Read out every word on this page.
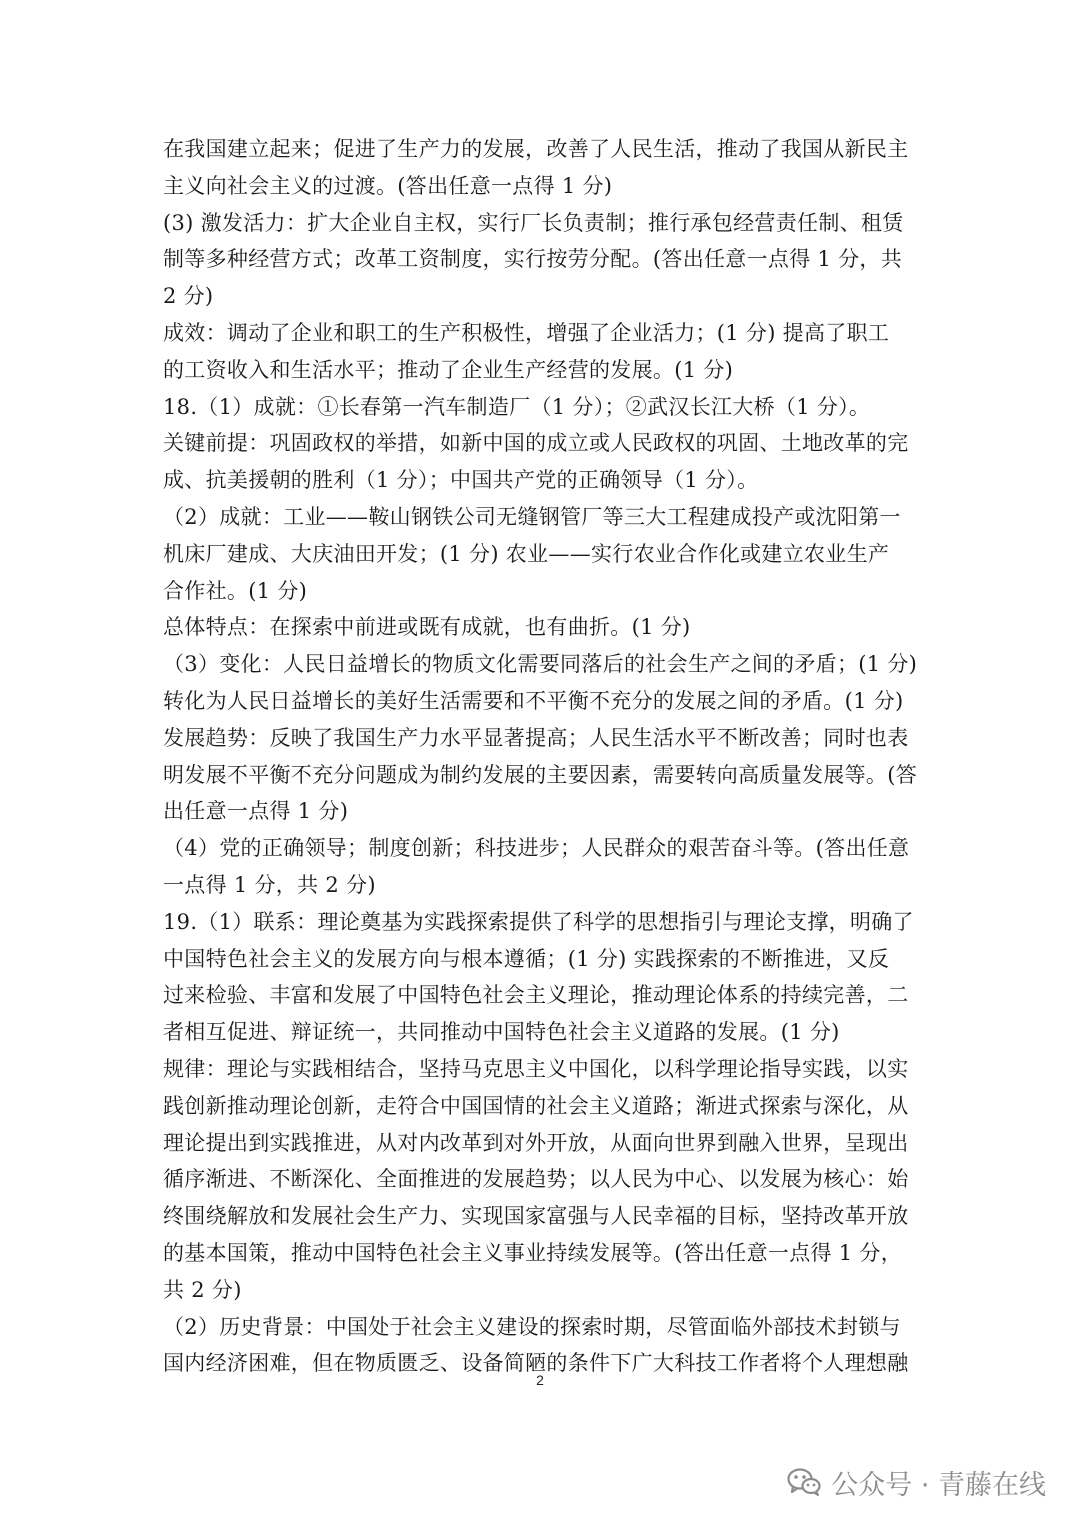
在我国建立起来；促进了生产力的发展，改善了人民生活，推动了我国从新民主
主义向社会主义的过渡。(答出任意一点得 1 分)
(3) 激发活力：扩大企业自主权，实行厂长负责制；推行承包经营责任制、租赁
制等多种经营方式；改革工资制度，实行按劳分配。(答出任意一点得 1 分，共
2 分)
成效：调动了企业和职工的生产积极性，增强了企业活力；(1 分) 提高了职工
的工资收入和生活水平；推动了企业生产经营的发展。(1 分)
18.（1）成就：①长春第一汽车制造厂（1 分）；②武汉长江大桥（1 分）。
关键前提：巩固政权的举措，如新中国的成立或人民政权的巩固、土地改革的完
成、抗美援朝的胜利（1 分）；中国共产党的正确领导（1 分）。
（2）成就：工业——鞍山钢铁公司无缝钢管厂等三大工程建成投产或沈阳第一
机床厂建成、大庆油田开发；(1 分) 农业——实行农业合作化或建立农业生产
合作社。(1 分)
总体特点：在探索中前进或既有成就，也有曲折。(1 分)
（3）变化：人民日益增长的物质文化需要同落后的社会生产之间的矛盾；(1 分)
转化为人民日益增长的美好生活需要和不平衡不充分的发展之间的矛盾。(1 分)
发展趋势：反映了我国生产力水平显著提高；人民生活水平不断改善；同时也表
明发展不平衡不充分问题成为制约发展的主要因素，需要转向高质量发展等。(答
出任意一点得 1 分)
（4）党的正确领导；制度创新；科技进步；人民群众的艰苦奋斗等。(答出任意
一点得 1 分，共 2 分)
19.（1）联系：理论奠基为实践探索提供了科学的思想指引与理论支撑，明确了
中国特色社会主义的发展方向与根本遵循；(1 分) 实践探索的不断推进，又反
过来检验、丰富和发展了中国特色社会主义理论，推动理论体系的持续完善，二
者相互促进、辩证统一，共同推动中国特色社会主义道路的发展。(1 分)
规律：理论与实践相结合，坚持马克思主义中国化，以科学理论指导实践，以实
践创新推动理论创新，走符合中国国情的社会主义道路；渐进式探索与深化，从
理论提出到实践推进，从对内改革到对外开放，从面向世界到融入世界，呈现出
循序渐进、不断深化、全面推进的发展趋势；以人民为中心、以发展为核心：始
终围绕解放和发展社会生产力、实现国家富强与人民幸福的目标，坚持改革开放
的基本国策，推动中国特色社会主义事业持续发展等。(答出任意一点得 1 分，
共 2 分)
（2）历史背景：中国处于社会主义建设的探索时期，尽管面临外部技术封锁与
国内经济困难，但在物质匮乏、设备简陋的条件下广大科技工作者将个人理想融
2
公众号 · 青藤在线
